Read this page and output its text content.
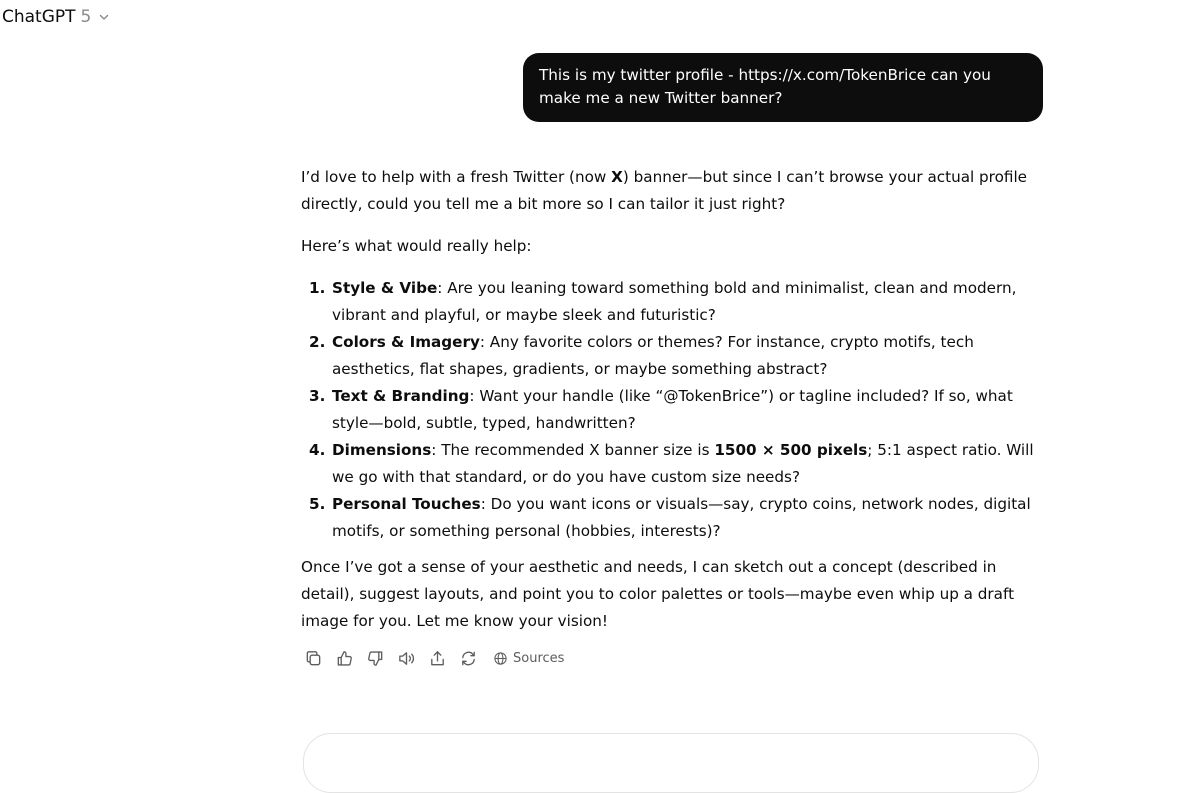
ChatGPT 5
This is my twitter profile - https://x.com/TokenBrice can you make me a new Twitter banner?

I’d love to help with a fresh Twitter (now X) banner—but since I can’t browse your actual profile directly, could you tell me a bit more so I can tailor it just right?

Here’s what would really help:

1. Style & Vibe: Are you leaning toward something bold and minimalist, clean and modern, vibrant and playful, or maybe sleek and futuristic?
2. Colors & Imagery: Any favorite colors or themes? For instance, crypto motifs, tech aesthetics, flat shapes, gradients, or maybe something abstract?
3. Text & Branding: Want your handle (like “@TokenBrice”) or tagline included? If so, what style—bold, subtle, typed, handwritten?
4. Dimensions: The recommended X banner size is 1500 × 500 pixels; 5:1 aspect ratio. Will we go with that standard, or do you have custom size needs?
5. Personal Touches: Do you want icons or visuals—say, crypto coins, network nodes, digital motifs, or something personal (hobbies, interests)?

Once I’ve got a sense of your aesthetic and needs, I can sketch out a concept (described in detail), suggest layouts, and point you to color palettes or tools—maybe even whip up a draft image for you. Let me know your vision!

Sources
